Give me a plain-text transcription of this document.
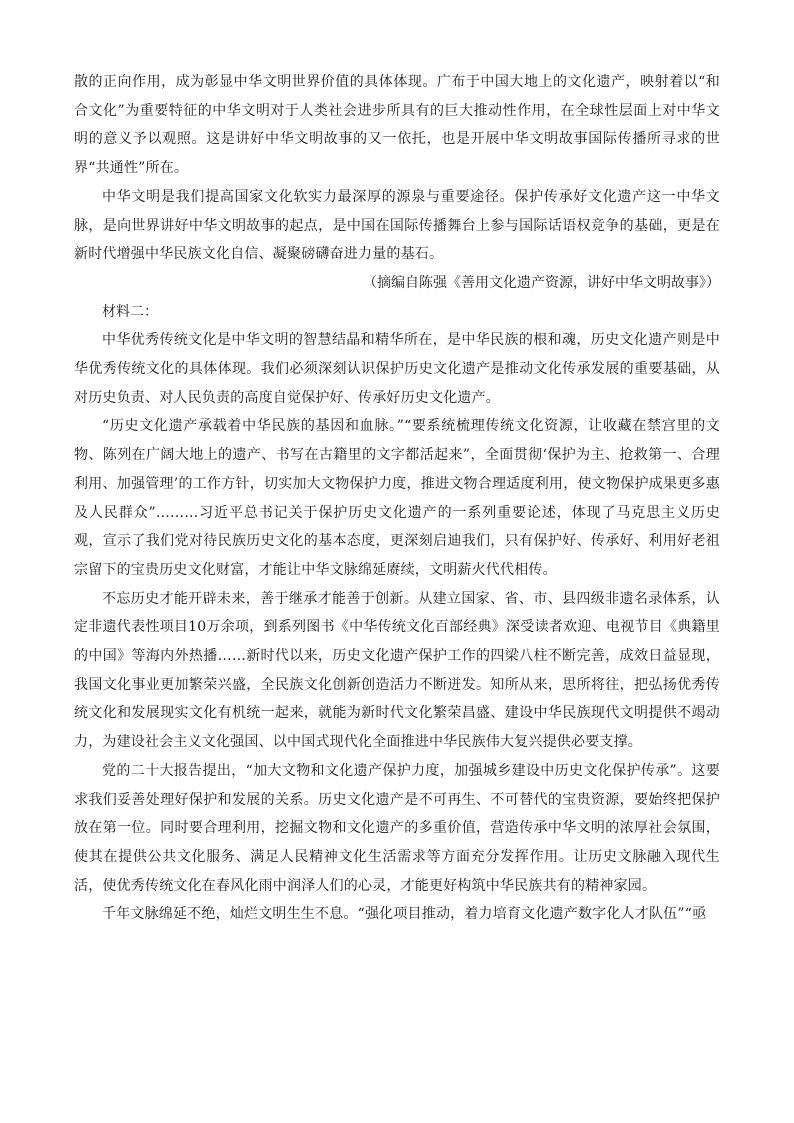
散的正向作用，成为彰显中华文明世界价值的具体体现。广布于中国大地上的文化遗产，映射着以“和合文化”为重要特征的中华文明对于人类社会进步所具有的巨大推动性作用，在全球性层面上对中华文明的意义予以观照。这是讲好中华文明故事的又一依托，也是开展中华文明故事国际传播所寻求的世界“共通性”所在。

中华文明是我们提高国家文化软实力最深厚的源泉与重要途径。保护传承好文化遗产这一中华文脉，是向世界讲好中华文明故事的起点，是中国在国际传播舞台上参与国际话语权竞争的基础，更是在新时代增强中华民族文化自信、凝聚磅礴奋进力量的基石。

（摘编自陈强《善用文化遗产资源，讲好中华文明故事》）

材料二：

中华优秀传统文化是中华文明的智慧结晶和精华所在，是中华民族的根和魂，历史文化遗产则是中华优秀传统文化的具体体现。我们必须深刻认识保护历史文化遗产是推动文化传承发展的重要基础，从对历史负责、对人民负责的高度自觉保护好、传承好历史文化遗产。

“历史文化遗产承载着中华民族的基因和血脉。”“要系统梳理传统文化资源，让收藏在禁宫里的文物、陈列在广阔大地上的遗产、书写在古籍里的文字都活起来”，全面贯彻‘保护为主、抢救第一、合理利用、加强管理’的工作方针，切实加大文物保护力度，推进文物合理适度利用，使文物保护成果更多惠及人民群众”………习近平总书记关于保护历史文化遗产的一系列重要论述，体现了马克思主义历史观，宣示了我们党对待民族历史文化的基本态度，更深刻启迪我们，只有保护好、传承好、利用好老祖宗留下的宝贵历史文化财富，才能让中华文脉绵延赓续，文明薪火代代相传。

不忘历史才能开辟未来，善于继承才能善于创新。从建立国家、省、市、县四级非遗名录体系，认定非遗代表性项目10万余项，到系列图书《中华传统文化百部经典》深受读者欢迎、电视节目《典籍里的中国》等海内外热播……新时代以来，历史文化遗产保护工作的四梁八柱不断完善，成效日益显现，我国文化事业更加繁荣兴盛，全民族文化创新创造活力不断迸发。知所从来，思所将往，把弘扬优秀传统文化和发展现实文化有机统一起来，就能为新时代文化繁荣昌盛、建设中华民族现代文明提供不竭动力，为建设社会主义文化强国、以中国式现代化全面推进中华民族伟大复兴提供必要支撑。

党的二十大报告提出，“加大文物和文化遗产保护力度，加强城乡建设中历史文化保护传承”。这要求我们妥善处理好保护和发展的关系。历史文化遗产是不可再生、不可替代的宝贵资源，要始终把保护放在第一位。同时要合理利用，挖掘文物和文化遗产的多重价值，营造传承中华文明的浓厚社会氛围，使其在提供公共文化服务、满足人民精神文化生活需求等方面充分发挥作用。让历史文脉融入现代生活，使优秀传统文化在春风化雨中润泽人们的心灵，才能更好构筑中华民族共有的精神家园。

千年文脉绵延不绝，灿烂文明生生不息。“强化项目推动，着力培育文化遗产数字化人才队伍”“亟
